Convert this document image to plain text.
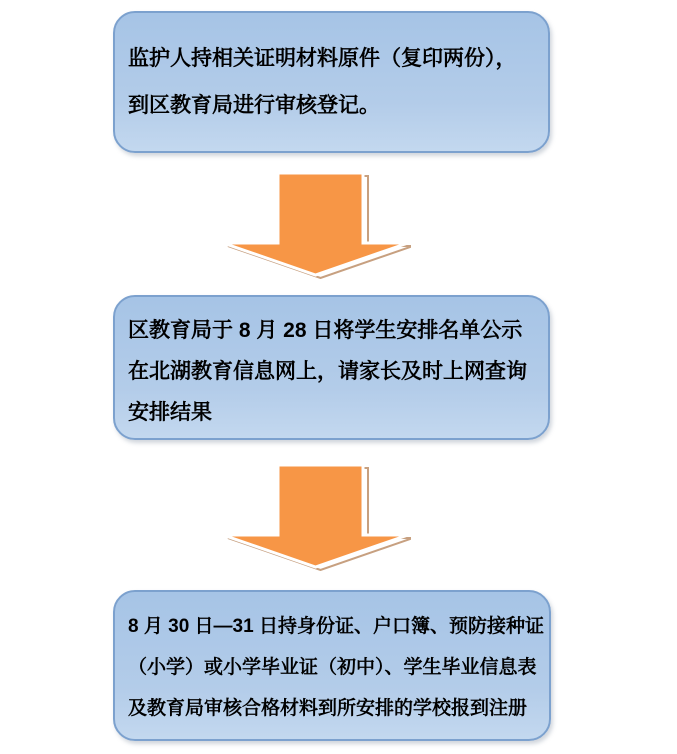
监护人持相关证明材料原件（复印两份），
到区教育局进行审核登记。
区教育局于 8 月 28 日将学生安排名单公示
在北湖教育信息网上，请家长及时上网查询
安排结果
8 月 30 日—31 日持身份证、户口簿、预防接种证
（小学）或小学毕业证（初中）、学生毕业信息表
及教育局审核合格材料到所安排的学校报到注册
